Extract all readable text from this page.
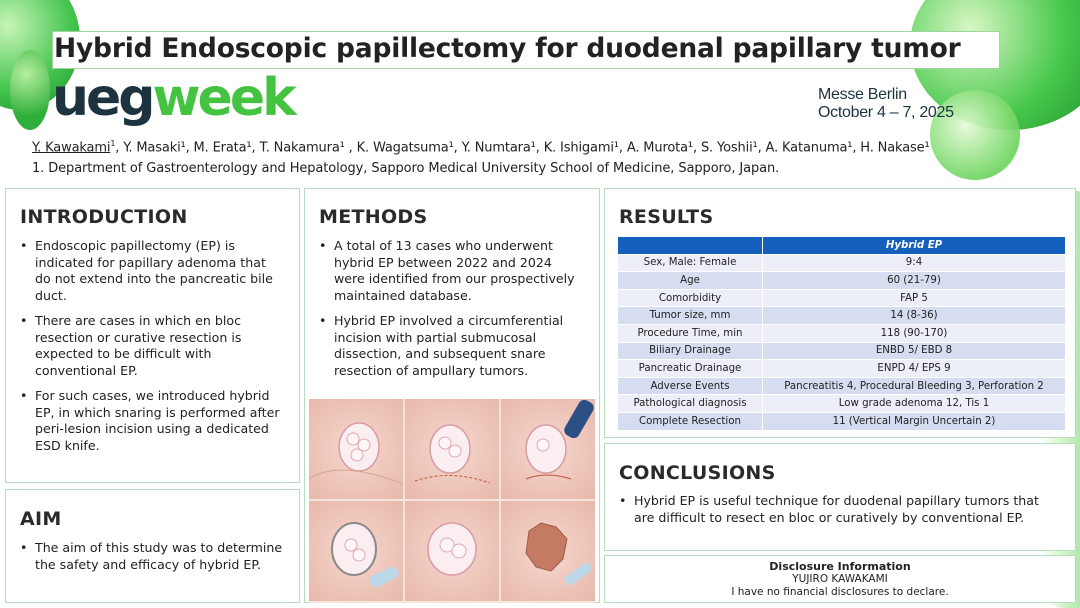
Hybrid Endoscopic papillectomy for duodenal papillary tumor
uegweek	Messe Berlin
October 4 – 7, 2025
Y. Kawakami$^1$, Y. Masaki¹, M. Erata¹, T. Nakamura¹ , K. Wagatsuma¹, Y. Numtara¹, K. Ishigami¹, A. Murota¹, S. Yoshii¹, A. Katanuma¹, H. Nakase¹
1. Department of Gastroenterology and Hepatology, Sapporo Medical University School of Medicine, Sapporo, Japan.
INTRODUCTION
• Endoscopic papillectomy (EP) is indicated for papillary adenoma that do not extend into the pancreatic bile duct.
• There are cases in which en bloc resection or curative resection is expected to be difficult with conventional EP.
• For such cases, we introduced hybrid EP, in which snaring is performed after peri-lesion incision using a dedicated ESD knife.
AIM
• The aim of this study was to determine the safety and efficacy of hybrid EP.
METHODS
• A total of 13 cases who underwent hybrid EP between 2022 and 2024 were identified from our prospectively maintained database.
• Hybrid EP involved a circumferential incision with partial submucosal dissection, and subsequent snare resection of ampullary tumors.
RESULTS
	Hybrid EP
Sex, Male: Female	9:4
Age	60 (21-79)
Comorbidity	FAP 5
Tumor size, mm	14 (8-36)
Procedure Time, min	118 (90-170)
Biliary Drainage	ENBD 5/ EBD 8
Pancreatic Drainage	ENPD 4/ EPS 9
Adverse Events	Pancreatitis 4, Procedural Bleeding 3, Perforation 2
Pathological diagnosis	Low grade adenoma 12, Tis 1
Complete Resection	11 (Vertical Margin Uncertain 2)
CONCLUSIONS
• Hybrid EP is useful technique for duodenal papillary tumors that are difficult to resect en bloc or curatively by conventional EP.
Disclosure Information
YUJIRO KAWAKAMI
I have no financial disclosures to declare.
